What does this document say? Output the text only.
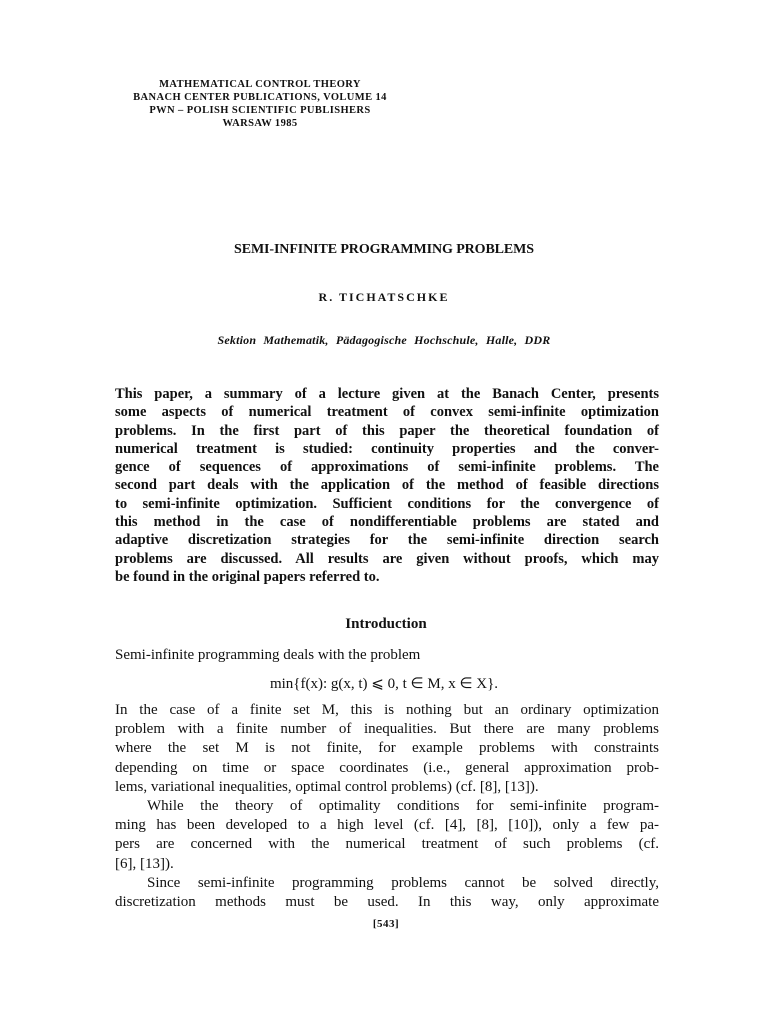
MATHEMATICAL CONTROL THEORY
BANACH CENTER PUBLICATIONS, VOLUME 14
PWN – POLISH SCIENTIFIC PUBLISHERS
WARSAW 1985
SEMI-INFINITE PROGRAMMING PROBLEMS
R. TICHATSCHKE
Sektion Mathematik, Pädagogische Hochschule, Halle, DDR
This paper, a summary of a lecture given at the Banach Center, presents
some aspects of numerical treatment of convex semi-infinite optimization
problems. In the first part of this paper the theoretical foundation of
numerical treatment is studied: continuity properties and the conver-
gence of sequences of approximations of semi-infinite problems. The
second part deals with the application of the method of feasible directions
to semi-infinite optimization. Sufficient conditions for the convergence of
this method in the case of nondifferentiable problems are stated and
adaptive discretization strategies for the semi-infinite direction search
problems are discussed. All results are given without proofs, which may
be found in the original papers referred to.
Introduction
Semi-infinite programming deals with the problem
min{f(x): g(x, t) ⩽ 0, t ∈ M, x ∈ X}.
In the case of a finite set M, this is nothing but an ordinary optimization
problem with a finite number of inequalities. But there are many problems
where the set M is not finite, for example problems with constraints
depending on time or space coordinates (i.e., general approximation prob-
lems, variational inequalities, optimal control problems) (cf. [8], [13]).
While the theory of optimality conditions for semi-infinite program-
ming has been developed to a high level (cf. [4], [8], [10]), only a few pa-
pers are concerned with the numerical treatment of such problems (cf.
[6], [13]).
Since semi-infinite programming problems cannot be solved directly,
discretization methods must be used. In this way, only approximate
[543]
